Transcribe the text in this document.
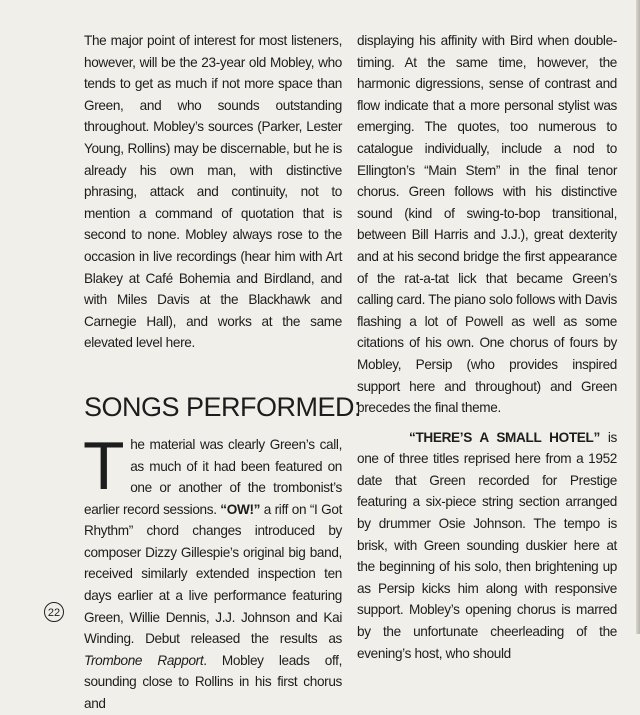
The major point of interest for most listeners, however, will be the 23-year old Mobley, who tends to get as much if not more space than Green, and who sounds outstanding throughout. Mobley’s sources (Parker, Lester Young, Rollins) may be discernable, but he is already his own man, with distinctive phrasing, attack and continuity, not to mention a command of quotation that is second to none. Mobley always rose to the occasion in live recordings (hear him with Art Blakey at Café Bohemia and Birdland, and with Miles Davis at the Blackhawk and Carnegie Hall), and works at the same elevated level here.

SONGS PERFORMED:

The material was clearly Green’s call, as much of it had been featured on one or another of the trombonist’s earlier record sessions. “OW!” a riff on “I Got Rhythm” chord changes introduced by composer Dizzy Gillespie’s original big band, received similarly extended inspection ten days earlier at a live performance featuring Green, Willie Dennis, J.J. Johnson and Kai Winding. Debut released the results as Trombone Rapport. Mobley leads off, sounding close to Rollins in his first chorus and

displaying his affinity with Bird when double-timing. At the same time, however, the harmonic digressions, sense of contrast and flow indicate that a more personal stylist was emerging. The quotes, too numerous to catalogue individually, include a nod to Ellington’s “Main Stem” in the final tenor chorus. Green follows with his distinctive sound (kind of swing-to-bop transitional, between Bill Harris and J.J.), great dexterity and at his second bridge the first appearance of the rat-a-tat lick that became Green’s calling card. The piano solo follows with Davis flashing a lot of Powell as well as some citations of his own. One chorus of fours by Mobley, Persip (who provides inspired support here and throughout) and Green precedes the final theme.

“THERE’S A SMALL HOTEL” is one of three titles reprised here from a 1952 date that Green recorded for Prestige featuring a six-piece string section arranged by drummer Osie Johnson. The tempo is brisk, with Green sounding duskier here at the beginning of his solo, then brightening up as Persip kicks him along with responsive support. Mobley’s opening chorus is marred by the unfortunate cheerleading of the evening’s host, who should

22
